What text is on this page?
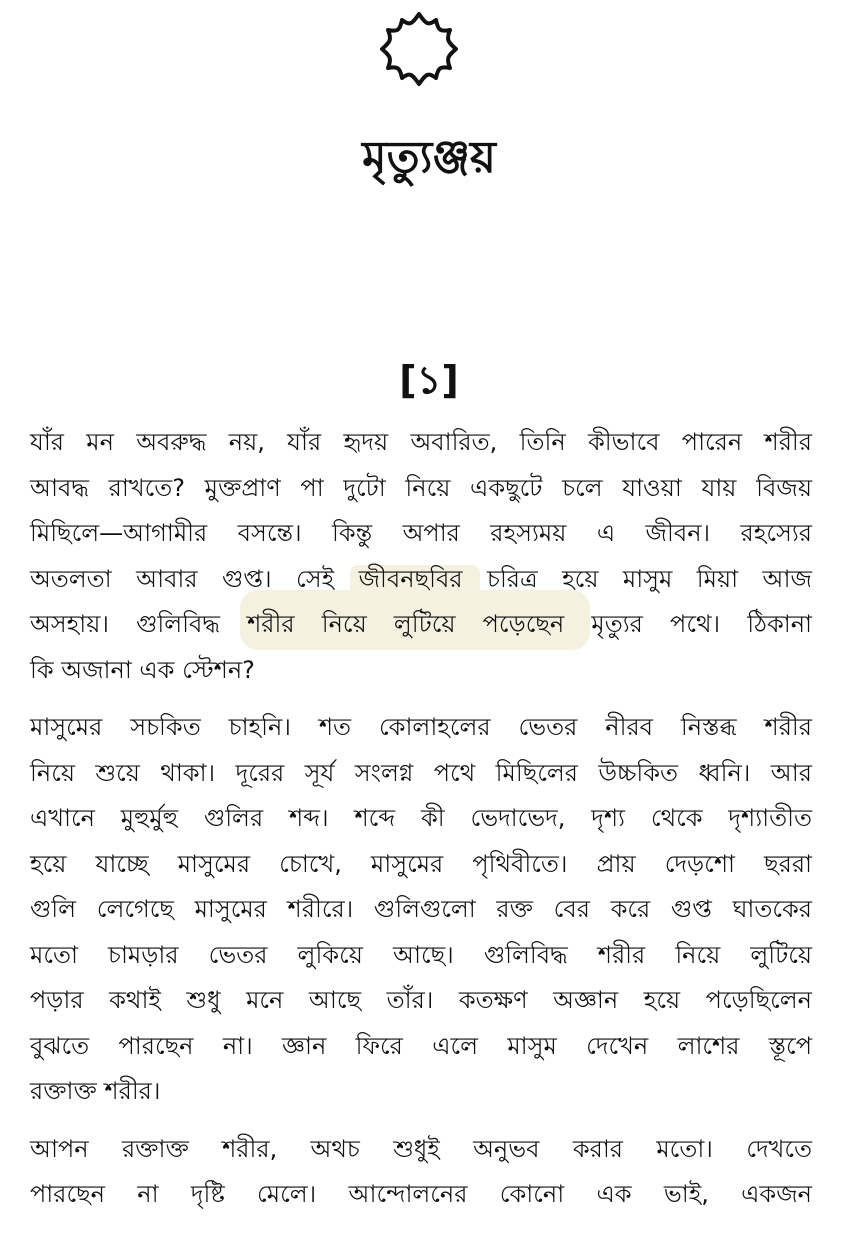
মৃত্যুঞ্জয়
[১]
যাঁর মন অবরুদ্ধ নয়, যাঁর হৃদয় অবারিত, তিনি কীভাবে পারেন শরীর
আবদ্ধ রাখতে? মুক্তপ্রাণ পা দুটো নিয়ে একছুটে চলে যাওয়া যায় বিজয়
মিছিলে—আগামীর বসন্তে। কিন্তু অপার রহস্যময় এ জীবন। রহস্যের
অতলতা আবার গুপ্ত। সেই জীবনছবির চরিত্র হয়ে মাসুম মিয়া আজ
অসহায়। গুলিবিদ্ধ শরীর নিয়ে লুটিয়ে পড়েছেন মৃত্যুর পথে। ঠিকানা
কি অজানা এক স্টেশন?
মাসুমের সচকিত চাহনি। শত কোলাহলের ভেতর নীরব নিস্তব্ধ শরীর
নিয়ে শুয়ে থাকা। দূরের সূর্য সংলগ্ন পথে মিছিলের উচ্চকিত ধ্বনি। আর
এখানে মুহুর্মুহু গুলির শব্দ। শব্দে কী ভেদাভেদ, দৃশ্য থেকে দৃশ্যাতীত
হয়ে যাচ্ছে মাসুমের চোখে, মাসুমের পৃথিবীতে। প্রায় দেড়শো ছররা
গুলি লেগেছে মাসুমের শরীরে। গুলিগুলো রক্ত বের করে গুপ্ত ঘাতকের
মতো চামড়ার ভেতর লুকিয়ে আছে। গুলিবিদ্ধ শরীর নিয়ে লুটিয়ে
পড়ার কথাই শুধু মনে আছে তাঁর। কতক্ষণ অজ্ঞান হয়ে পড়েছিলেন
বুঝতে পারছেন না। জ্ঞান ফিরে এলে মাসুম দেখেন লাশের স্তূপে
রক্তাক্ত শরীর।
আপন রক্তাক্ত শরীর, অথচ শুধুই অনুভব করার মতো। দেখতে
পারছেন না দৃষ্টি মেলে। আন্দোলনের কোনো এক ভাই, একজন
